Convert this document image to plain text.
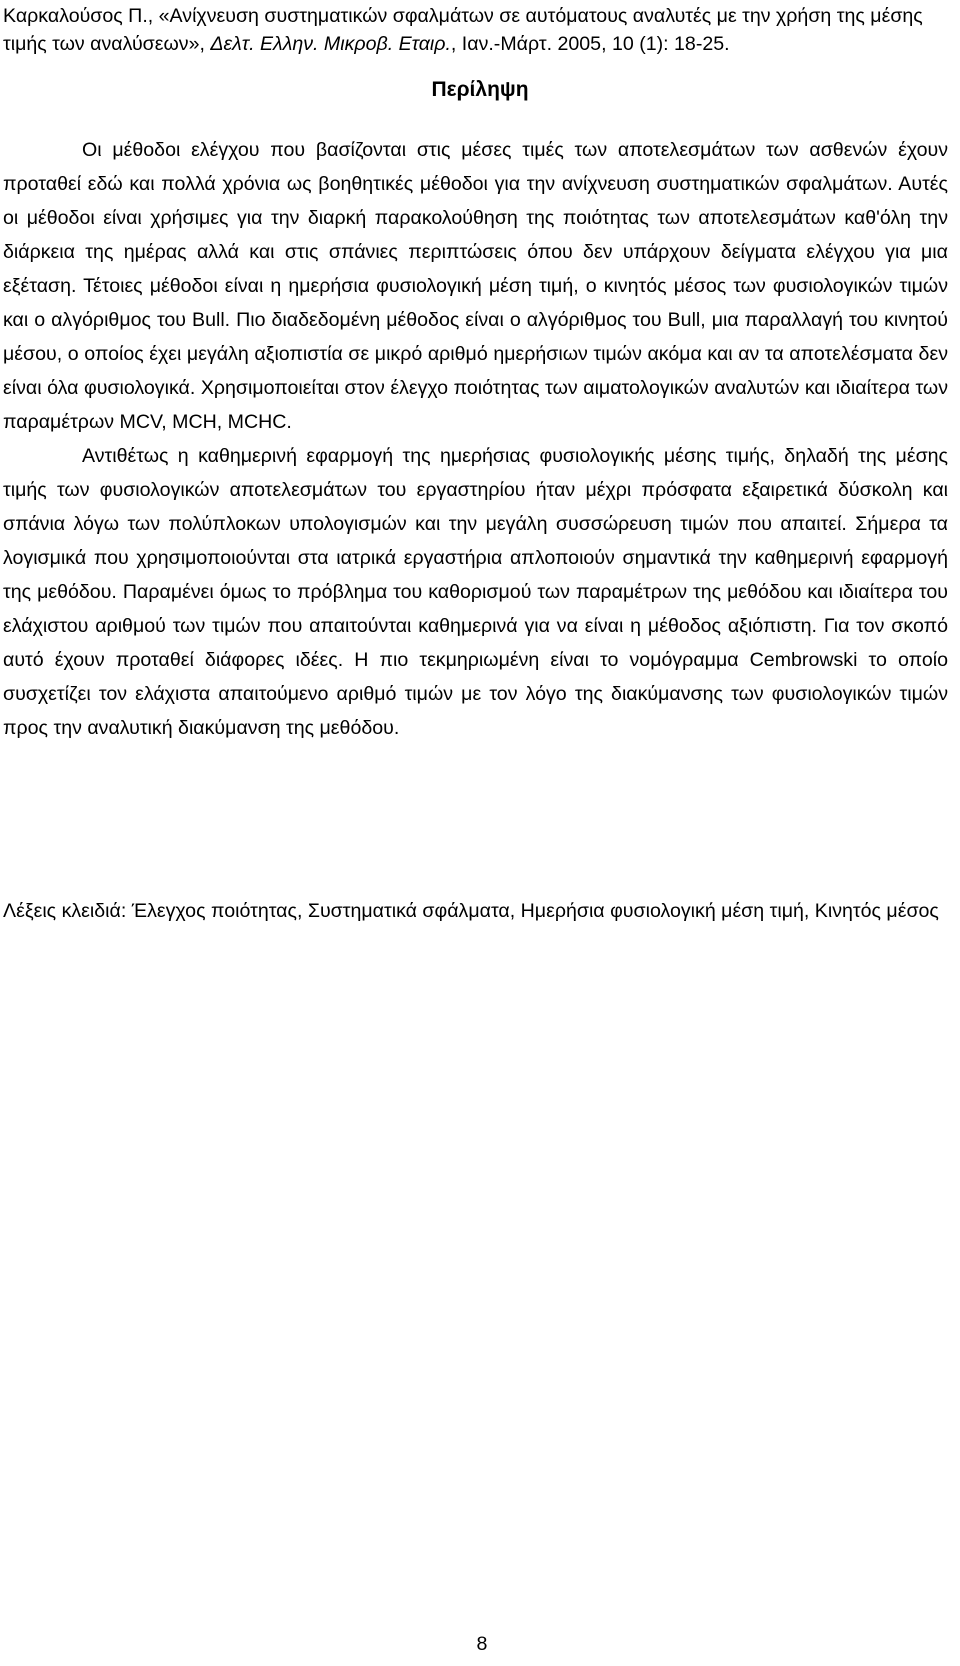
Καρκαλούσος Π., «Ανίχνευση συστηματικών σφαλμάτων σε αυτόματους αναλυτές με την χρήση της μέσης τιμής των αναλύσεων», Δελτ. Ελλην. Μικροβ. Εταιρ., Ιαν.-Μάρτ. 2005, 10 (1): 18-25.
Περίληψη

Οι μέθοδοι ελέγχου που βασίζονται στις μέσες τιμές των αποτελεσμάτων των ασθενών έχουν προταθεί εδώ και πολλά χρόνια ως βοηθητικές μέθοδοι για την ανίχνευση συστηματικών σφαλμάτων. Αυτές οι μέθοδοι είναι χρήσιμες για την διαρκή παρακολούθηση της ποιότητας των αποτελεσμάτων καθ'όλη την διάρκεια της ημέρας αλλά και στις σπάνιες περιπτώσεις όπου δεν υπάρχουν δείγματα ελέγχου για μια εξέταση. Τέτοιες μέθοδοι είναι η ημερήσια φυσιολογική μέση τιμή, ο κινητός μέσος των φυσιολογικών τιμών και ο αλγόριθμος του Bull. Πιο διαδεδομένη μέθοδος είναι ο αλγόριθμος του Bull, μια παραλλαγή του κινητού μέσου, ο οποίος έχει μεγάλη αξιοπιστία σε μικρό αριθμό ημερήσιων τιμών ακόμα και αν τα αποτελέσματα δεν είναι όλα φυσιολογικά. Χρησιμοποιείται στον έλεγχο ποιότητας των αιματολογικών αναλυτών και ιδιαίτερα των παραμέτρων MCV, MCH, MCHC.

Αντιθέτως η καθημερινή εφαρμογή της ημερήσιας φυσιολογικής μέσης τιμής, δηλαδή της μέσης τιμής των φυσιολογικών αποτελεσμάτων του εργαστηρίου ήταν μέχρι πρόσφατα εξαιρετικά δύσκολη και σπάνια λόγω των πολύπλοκων υπολογισμών και την μεγάλη συσσώρευση τιμών που απαιτεί. Σήμερα τα λογισμικά που χρησιμοποιούνται στα ιατρικά εργαστήρια απλοποιούν σημαντικά την καθημερινή εφαρμογή της μεθόδου. Παραμένει όμως το πρόβλημα του καθορισμού των παραμέτρων της μεθόδου και ιδιαίτερα του ελάχιστου αριθμού των τιμών που απαιτούνται καθημερινά για να είναι η μέθοδος αξιόπιστη. Για τον σκοπό αυτό έχουν προταθεί διάφορες ιδέες. Η πιο τεκμηριωμένη είναι το νομόγραμμα Cembrowski το οποίο συσχετίζει τον ελάχιστα απαιτούμενο αριθμό τιμών με τον λόγο της διακύμανσης των φυσιολογικών τιμών προς την αναλυτική διακύμανση της μεθόδου.

Λέξεις κλειδιά: Έλεγχος ποιότητας, Συστηματικά σφάλματα, Ημερήσια φυσιολογική μέση τιμή, Κινητός μέσος
8
